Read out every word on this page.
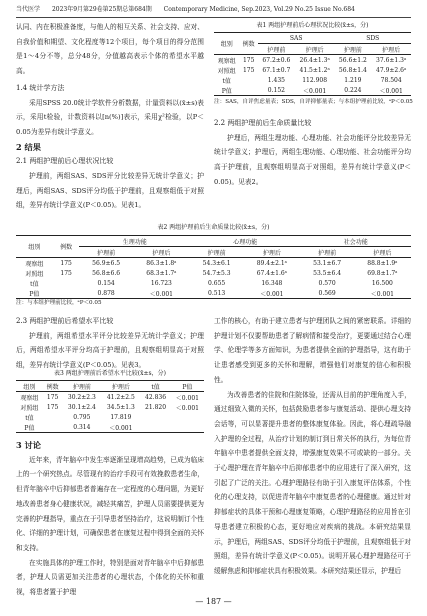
当代医学 2023年9月第29卷第25期总第684期 Contemporary Medicine, Sep.2023, Vol.29 No.25 Issue No.684

认同、内在积极准备度，与他人的相互关系、社会支持、应对、自我价值和期望、文化程度等12个项目，每个项目的得分范围是1～4分不等，总分48分，分值越高表示个体的希望水平越高。

1.4 统计学方法

采用SPSS 20.0统计学软件分析数据，计量资料以(x̄±s)表示，采用t检验，计数资料以[n(%)]表示，采用χ²检验，以P＜0.05为差异有统计学意义。

2 结果

2.1 两组护理前后心理状况比较

护理前，两组SAS、SDS评分比较差异无统计学意义；护理后，两组SAS、SDS评分均低于护理前，且观察组低于对照组，差异有统计学意义(P＜0.05)。见表1。

表1 两组护理前后心理状况比较(x̄±s，分)
组别	例数	SAS		SDS	
		护理前	护理后	护理前	护理后
观察组	175	67.2±0.6	26.4±1.3ᵃ	56.6±1.2	37.6±1.3ᵃ
对照组	175	67.1±0.7	41.5±1.2ᵃ	56.8±1.4	47.9±2.6ᵃ
t值		1.435	112.908	1.219	78.504
P值		0.152	＜0.001	0.224	＜0.001
注：SAS，自评焦虑量表；SDS，自评抑郁量表；与本组护理前比较，ᵃP＜0.05

2.2 两组护理前后生命质量比较

护理后，两组生理功能、心理功能、社会功能评分比较差异无统计学意义；护理后，两组生理功能、心理功能、社会功能评分均高于护理前，且观察组明显高于对照组，差异有统计学意义(P＜0.05)。见表2。

表2 两组护理前后生命质量比较(x̄±s，分)
组别	例数	生理功能		心理功能		社会功能	
		护理前	护理后	护理前	护理后	护理前	护理后
观察组	175	56.9±6.5	86.3±1.8ᵃ	54.3±6.1	89.4±2.1ᵃ	53.1±6.7	88.8±1.9ᵃ
对照组	175	56.8±6.6	68.3±1.7ᵃ	54.7±5.3	67.4±1.6ᵃ	53.5±6.4	69.8±1.7ᵃ
t值		0.154	16.723	0.655	16.348	0.570	16.500
P值		0.878	＜0.001	0.513	＜0.001	0.569	＜0.001
注：与本组护理前比较，ᵃP＜0.05

2.3 两组护理前后希望水平比较

护理前，两组希望水平评分比较差异无统计学意义；护理后，两组希望水平评分均高于护理前，且观察组明显高于对照组，差异有统计学意义(P＜0.05)。见表3。

表3 两组护理前后希望水平比较(x̄±s，分)
组别	例数	护理前	护理后	t值	P值
观察组	175	30.2±2.3	41.2±2.5	42.836	＜0.001
对照组	175	30.1±2.4	34.5±1.3	21.820	＜0.001
t值		0.795	17.819		
P值		0.314	＜0.001		

3 讨论

近年来，青年脑卒中发生率逐渐呈现增高趋势，已成为临床上的一个研究热点。尽管现有的治疗手段可有效挽救患者生命，但青年脑卒中后抑郁患者普遍存在一定程度的心理问题，为更好地改善患者身心健康状况，减轻其痛苦，护理人员需要提供更为完善的护理指导，重点在于引导患者坚持治疗，这说明制订个性化、详细的护理计划，可确保患者在康复过程中得到全面的关怀和支持。

在实施具体的护理工作时，特别是面对青年脑卒中后抑郁患者，护理人员需更加关注患者的心理状态，个体化的关怀和重视，将患者置于护理

工作的核心，有助于建立患者与护理团队之间的紧密联系。详细的护理计划不仅要帮助患者了解病情和接受治疗，更要通过结合心理学、伦理学等多方面知识，为患者提供全面的护理指导，这有助于让患者感受到更多的关怀和理解，增强他们对康复的信心和积极性。

为改善患者的住院和住院体验，还需从目前的护理角度入手，通过细致入微的关怀，包括鼓励患者参与康复活动、提供心理支持会话等，可以显著提升患者的整体康复体验。因此，将心理疏导融入护理的全过程，从治疗计划的制订到日常关怀的执行，为每位青年脑卒中患者提供全面支持，增强康复效果不可或缺的一部分。关于心理护理在青年脑卒中后抑郁患者中的应用进行了深入研究，这引起了广泛的关注。心理护理路径有助于引入康复评估体系，个性化的心理支持，以促进青年脑卒中康复患者的心理健康。通过针对抑郁症状的具体干预和心理康复策略，心理护理路径的应用旨在引导患者建立积极的心态，更好地应对疾病的挑战。本研究结果显示，护理后，两组SAS、SDS评分均低于护理前，且观察组低于对照组，差异有统计学意义(P＜0.05)。说明开展心理护理路径可于缓解焦虑和抑郁症状具有积极效果。本研究结果还显示，护理后

— 187 —
